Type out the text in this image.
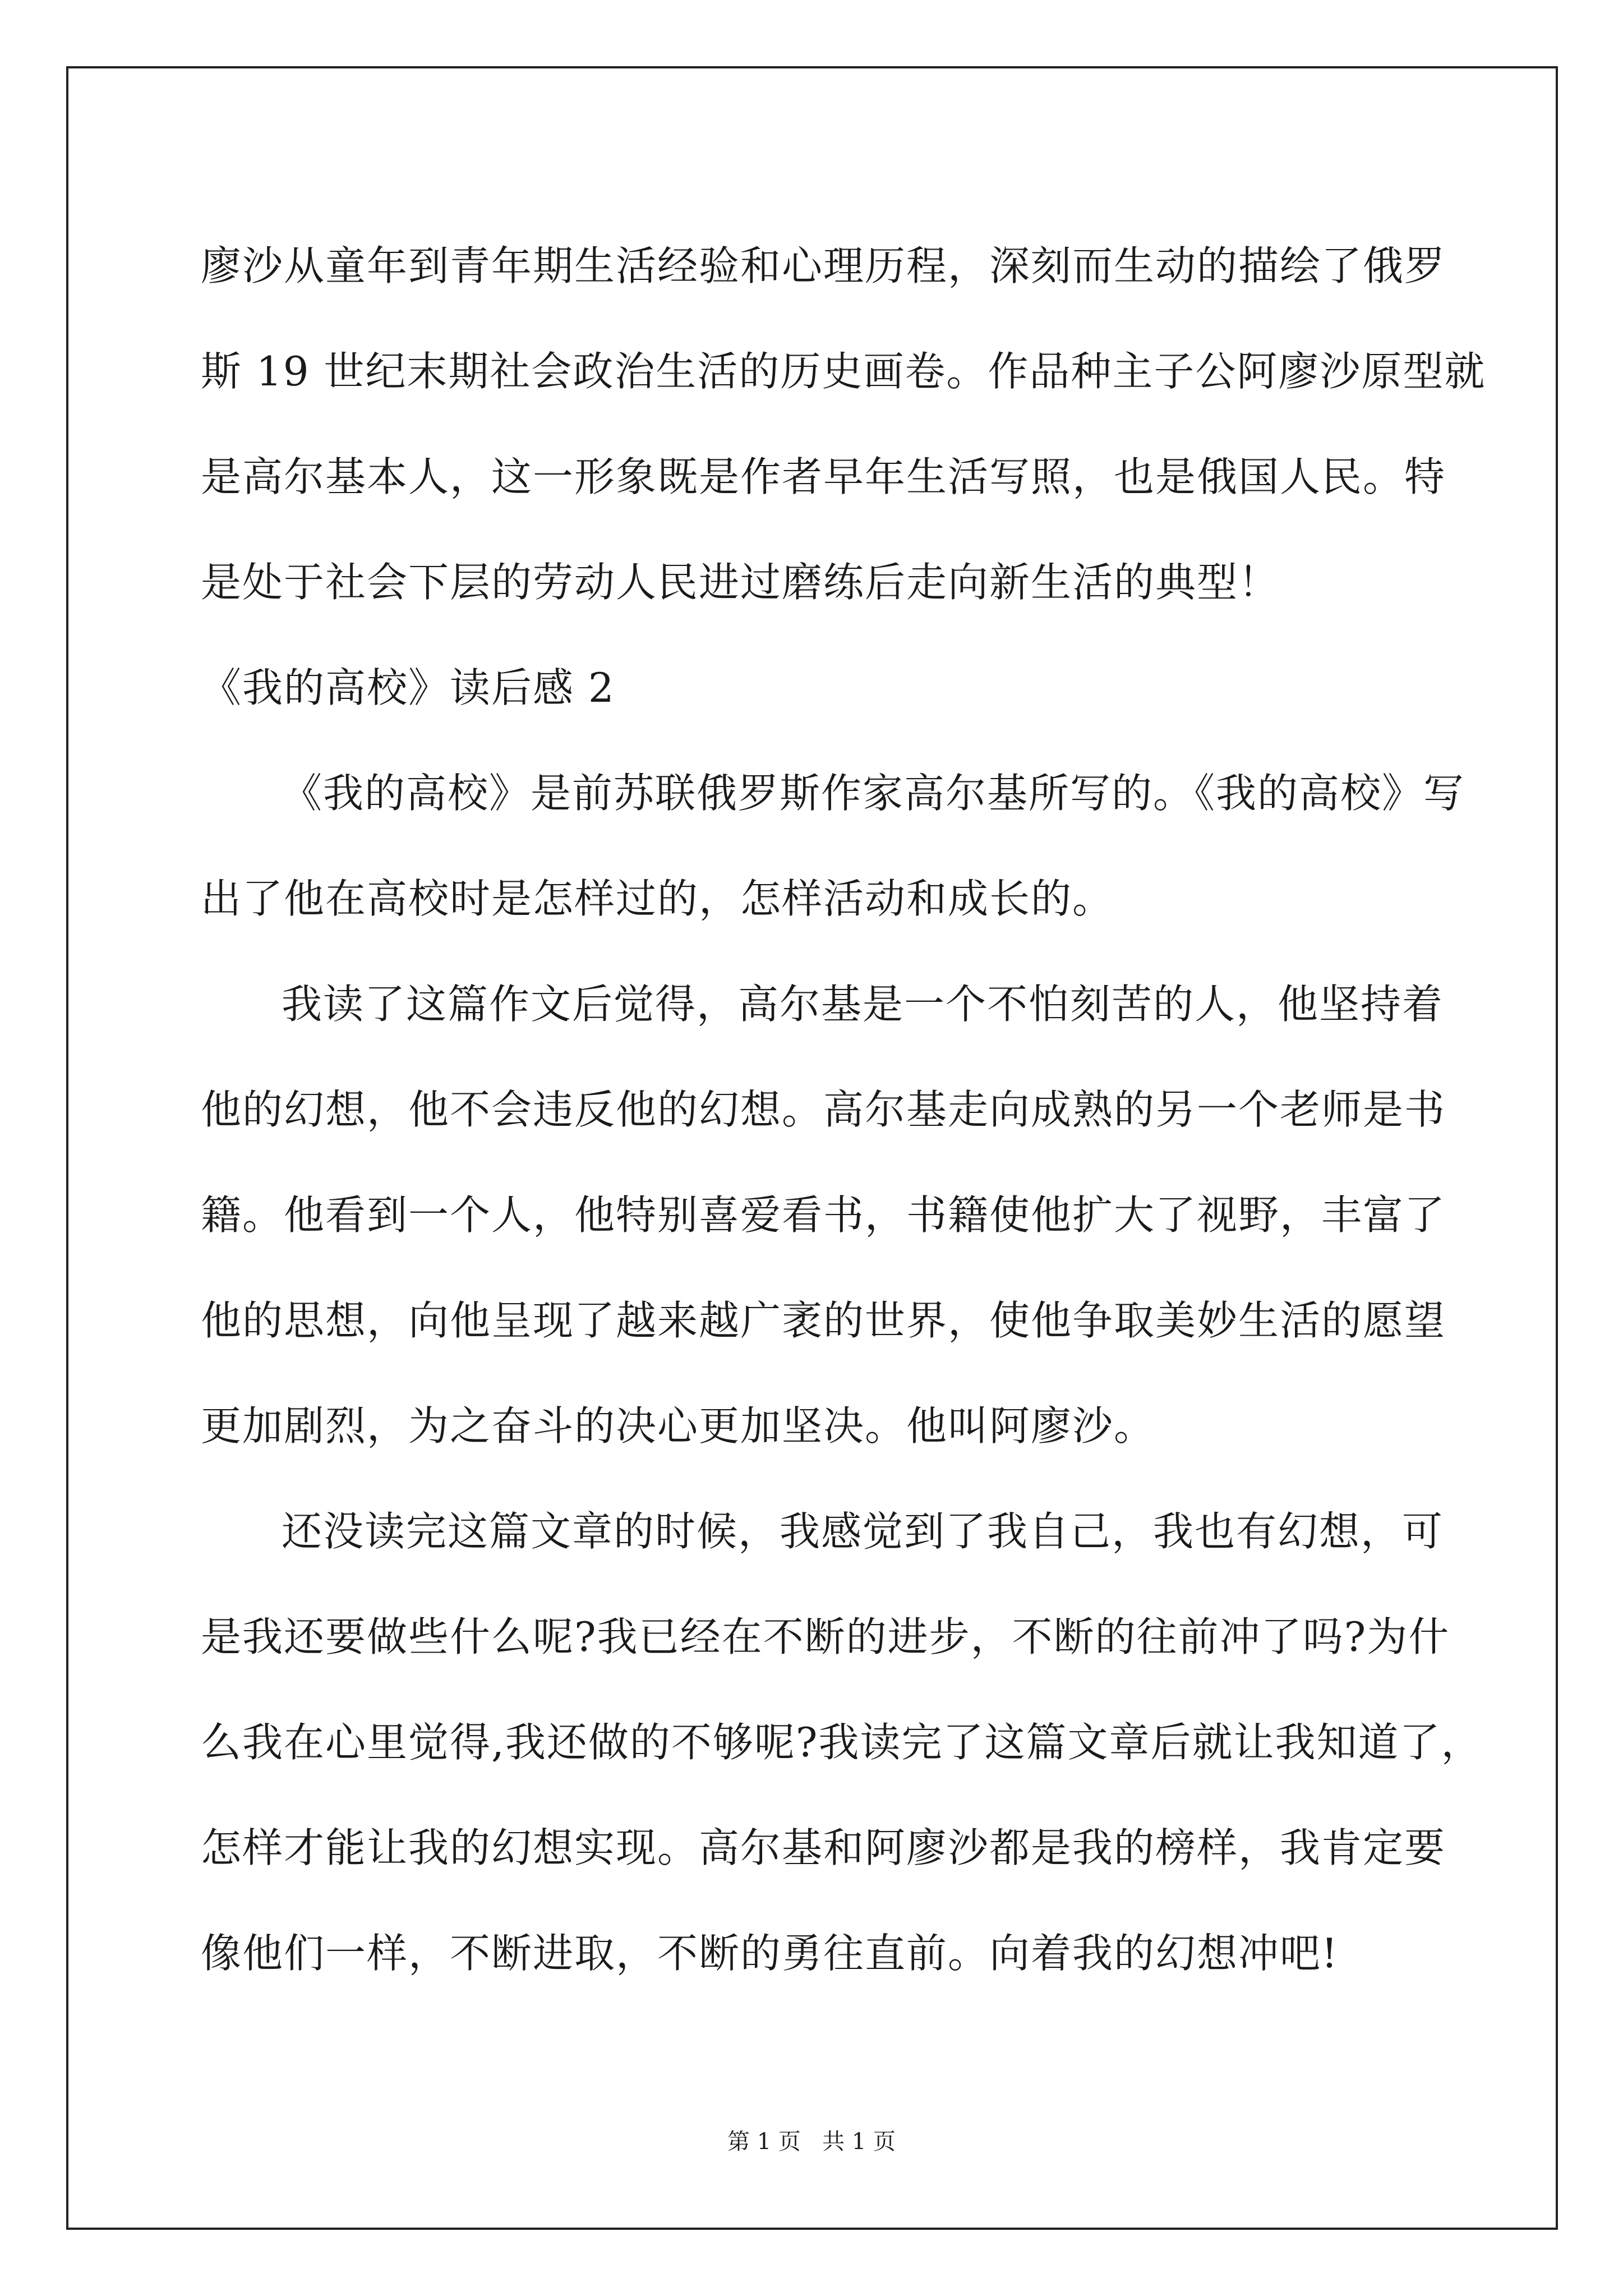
廖沙从童年到青年期生活经验和心理历程，深刻而生动的描绘了俄罗
斯 19 世纪末期社会政治生活的历史画卷。作品种主子公阿廖沙原型就
是高尔基本人，这一形象既是作者早年生活写照，也是俄国人民。特
是处于社会下层的劳动人民进过磨练后走向新生活的典型！
《我的高校》读后感 2
《我的高校》是前苏联俄罗斯作家高尔基所写的。《我的高校》写
出了他在高校时是怎样过的，怎样活动和成长的。
我读了这篇作文后觉得，高尔基是一个不怕刻苦的人，他坚持着
他的幻想，他不会违反他的幻想。高尔基走向成熟的另一个老师是书
籍。他看到一个人，他特别喜爱看书，书籍使他扩大了视野，丰富了
他的思想，向他呈现了越来越广袤的世界，使他争取美妙生活的愿望
更加剧烈，为之奋斗的决心更加坚决。他叫阿廖沙。
还没读完这篇文章的时候，我感觉到了我自己，我也有幻想，可
是我还要做些什么呢?我已经在不断的进步，不断的往前冲了吗?为什
么我在心里觉得,我还做的不够呢?我读完了这篇文章后就让我知道了，
怎样才能让我的幻想实现。高尔基和阿廖沙都是我的榜样，我肯定要
像他们一样，不断进取，不断的勇往直前。向着我的幻想冲吧!
第 1 页   共 1 页
